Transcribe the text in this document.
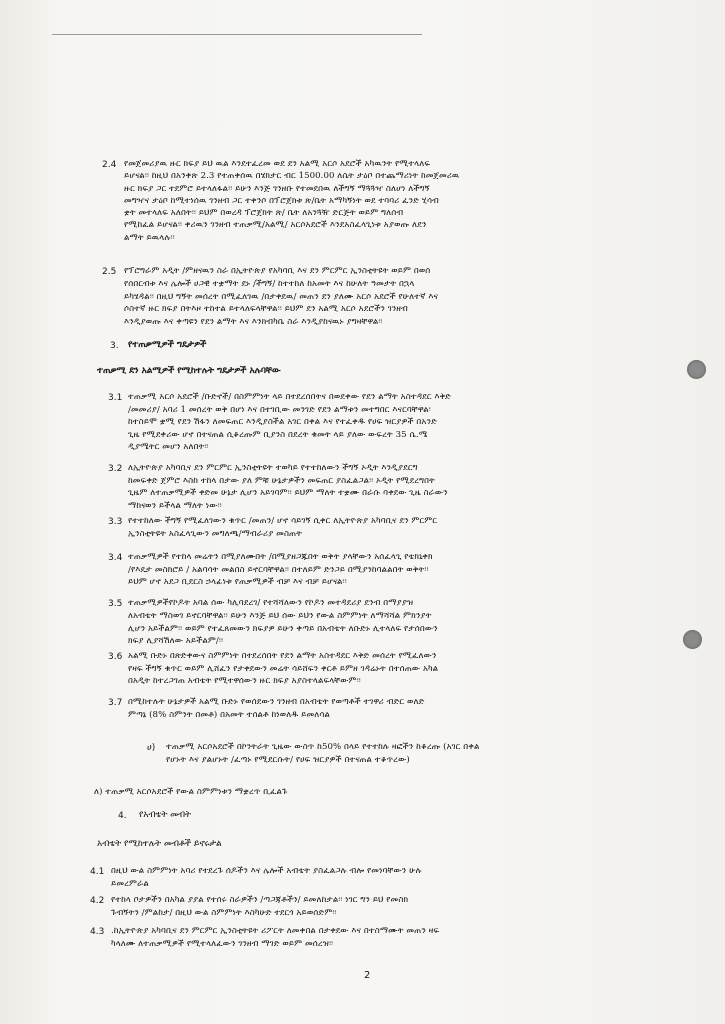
2.4 የመጀመሪያዉ ዙር ክፍያ ይህ ዉል እንደተፈረመ ወደ ደን አልሚ አርሶ አደሮች አካዉንት የሚተላለፍ
ይሆናል፡፡ ከዚህ በአንቀጽ 2.3 የተጠቀሰዉ በሄክታር ብር 1500.00 ለሴት ታዕቦ በተጨማሪነት ከመጀመሪዉ
ዙር ክፍያ ጋር ተደምሮ ይተላለፋል፡፡ ይሁን እንጅ ገንዘቡ የተመደበዉ ለችግኝ ማጓጓዣ ስለሆነ ለችግኝ
መግዣና ታዕቦ ከሚተነሰዉ ገንዘብ ጋር ተቀንሶ በፕሮጀክቱ ጽ/ቤት አማካኝነት ወደ ተባባሪ ፈንድ ሂሳብ
ቋት መተላለፍ አለበት፡፡ ይህም በወረዳ ፕሮጀክት ጽ/ ቤት ለአንጓዥ ድርጅት ወይም ግለሰብ
የሚከፈል ይሆናል፡፡ ቀሪዉን ገንዘብ ተጠቃሚ/አልሚ/ አርሶአደሮች እንደአስፈላጊነቱ አያወጡ ለደን
ልማት ይዉላሉ፡፡
2.5 የፕሮግራም አዲት /ምዘናዉን ስራ በኢትዮጵያ የአካባቢ እና ደን ምርምር ኢንስቲትዩት ወይም በወሰ
የሰበርብቱ እና ሌሎች ሀጋዊ ተቋማት ደኑ /ችግኝ/ ከተተከለ ከአመት እና ከሁለት ዓመታት በኋላ
ይካሄዳል፡፡ በዚህ ግኝት መሰረት በሚፈለገዉ /በታቀደዉ/ መጠን ደን ያለሙ አርሶ አደሮች የሁለተኛ እና
ሶስተኛ ዙር ክፍያ በትእዞ ተከተል ይተላለፍላቸዋል፡፡ ይህም ደን አልሚ አርሶ አደሮችን ገንዘብ
እንዲያወጡ እና ቀጣዩን የደን ልማት እና እንክብካቤ ስራ እንዲያከናዉኑ ያግዛቸዋል፡፡
3. የተጠቃሚዎች ግዴታዎች
ተጠቃሚ ደን አልሚዎች የሚከተሉት ግዴታዎች አሉባቸው
3.1 ተጠቃሚ አርሶ አደሮች /ቡድኖች/ በስምምነት ላይ በተደረሰበትና በወደቀው የደን ልማት አስተዳደር እቅድ
/መመሪያ/ አባሪ 1 መሰረት ወቅ በሆነ እና በተገቢው መንገድ የደን ልማቱን መተግበር እናርባቸዋል፡
ከተስይሞ ቋሚ የደን ሽፋን ለመፍጠር እንዲያስችል አገር በቀል እና የተፈቀዱ የሀፍ ዝርያዎች በአንድ
ጊዜ የሚደቀሪው ሆኖ በተናጠል ሲቆረጡም ቢያንስ በደረት ቁመት ላይ ያለው ውፍረት 35 ሴ.ሜ
ዲያሜትር መሆን አለበት፡፡
3.2 ለኢትዮጵያ አካባቢና ደን ምርምር ኢንስቲትዩት ተወካይ የተተከለውን ችግኝ ኦዲት እንዲያደርግ
ከመፍቀድ ጀምሮ እስከ ተከላ በታው ያለ ምቹ ሁኔታዎችን መፍጠር ያስፈልጋል፡፡ ኦዲት የሚደረግበት
ጊዜም ለተጠቃሚዎች ቀድመ ሁኔታ ሊሆን አይገባም፡፡ ይህም ማለት ተቋሙ በራሱ ባቀደው ጊዜ ስራውን
ማከናወን ይችላል ማለት ነው፡፡
3.3 የተተከለው ችግኝ የሚፈለገውን ቁጥር /መጠን/ ሆኖ ሳይገኝ ሲቀር ለኢትዮጵያ አካባቢና ደን ምርምር
ኢንስቲትዩት አስፈላጊውን መግለጫ/ማብራሪያ መስጠት
3.4 ተጠቃሚዎች የተከላ መሬትን በሚያለሙበት /በሚያዘጋጁበት ወቅት ያላቸውን አሰፈላጊ የቴክኒቀክ
/የእዴታ መስክሮይ / አልባሳት መልበስ ይኖርባቸዋል፡፡ በተለይም ድንጋይ በሚያንከባልልበት ወቅት፡፡
ይህም ሆኖ አደጋ ቢደርስ ኃላፊነቱ የጠቃሚዎች ብቻ እና ብቻ ይሆናል፡፡
3.5 ተጠቃሚዎችየኮዶት አባል ሰው ካሊባደረገ/ የተሻሻለውን የኮዶን መተዳደሪያ ደንብ በማያያዝ
ለአብቴት ማስወገ ይኖርባቸዋል፡፡ ይሁን እንጅ ይህ ሰው ይህን የውል ስምምነት ለማሻሻል ምክንያት
ሊሆን አይችልም፡፡ ወይም የተፈጸመውን ክፍያዎ ይሁን ቀጣይ በአብቴት ለቡድኑ ሊተላለፍ የታሰበውን
ክፍያ ሊያሻሽለው አይችልም/፡፡
3.6 አልሚ ቡድኑ በጽድቀውና ስምምነት በተደረሰበት የደን ልማት አስተዳደር እቅድ መሰረት የሚፈለውን
የዛፍ ችግኝ ቁጥር ወይም ሊሸፈን የታቀደውን መሬት ሳይሸፍን ቀርቶ ይምዘ ገዳሬኑት በተሰጠው አካል
በአዲት ከተረጋገጠ አብቴት የሚተዋሰውን ዙር ክፍያ አያስተላልፍላቸውም፡፡
3.7 በሚከተሉት ሁኔታዎች አልሚ ቡድኑ የወሰደውን ገንዘብ በአብቴት የወጣቶች ተገዋሪ ብድር ወለድ
ምጣኔ (8% ስምንት በመቶ) በአመት ተሰልቶ ከነወለዱ ይመለሳል
ሀ) ተጠቃሚ አርሶአደሮች በኮንትራት ጊዜው ውስጥ ከ50% በላይ የተተከሉ ዛፎችን ከቆረጡ (አገር በቀል
የሆኑት እና ያልሆኑት /ፈጣኑ የሚደርሱት/ የሀፍ ዝርያዎች በተናጠል ተቆጥረው)
ለ) ተጠቃሚ አርሶአደሮች የውል ስምምነቱን ማቋረጥ ቢፈልጉ
4. የአብቴት መብት
አብቴት የሚከተሉት መብቶች ይኖሩታል
4.1 በዚህ ውል ስምምነት አባሪ የተደረጉ ሰዶችን እና ሌሎች አብቴት ያስፈልጋሉ ብሎ የመነባቸውን ሁሉ
ይመረምራል
4.2 የተከላ ቦታዎችን በአካል ያያል የተሰሩ ስራዎችን /ጣጋጃቶችን/ ይመለከታል፡፡ ነገር ግን ይህ የመስክ
ጉብኝትን /ምልከታ/ በዚህ ውል ስምምነት እስካሁድ ተደርጎ አይወሰድም፡፡
4.3 .ከኢትዮጵያ አካባቢና ደን ምርምር ኢንስቲትዩት ሪፖርት ለመቀበል በታቀደው እና በተስማሙት መጠን ዛፍ
ካላለሙ ለተጠቃሚዎች የሚተላለፈውን ገንዘብ ማገድ ወይም መሰረዝ፡፡
2
